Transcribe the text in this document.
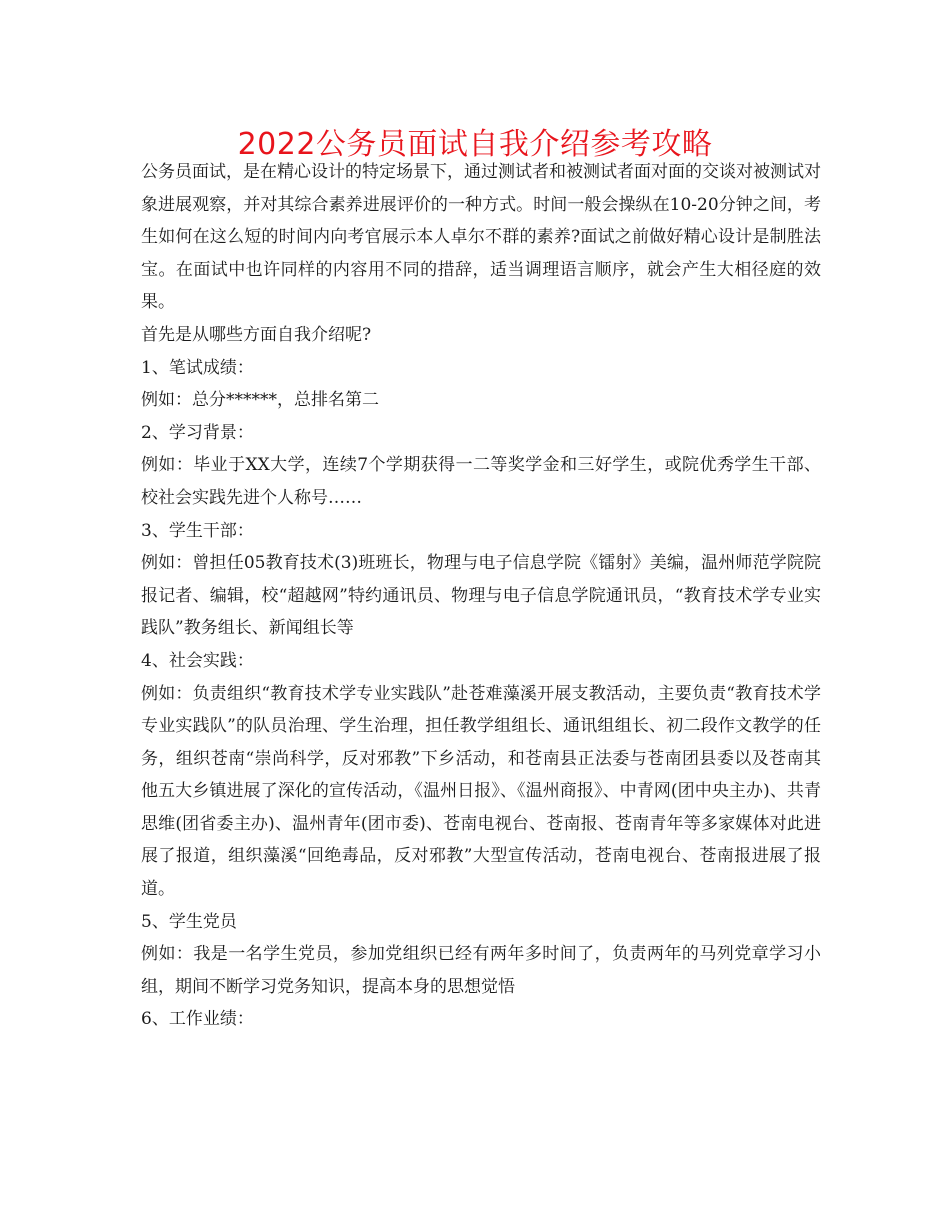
2022公务员面试自我介绍参考攻略

公务员面试，是在精心设计的特定场景下，通过测试者和被测试者面对面的交谈对被测试对象进展观察，并对其综合素养进展评价的一种方式。时间一般会操纵在10-20分钟之间，考生如何在这么短的时间内向考官展示本人卓尔不群的素养?面试之前做好精心设计是制胜法宝。在面试中也许同样的内容用不同的措辞，适当调理语言顺序，就会产生大相径庭的效果。

首先是从哪些方面自我介绍呢?

1、笔试成绩：

例如：总分******，总排名第二

2、学习背景：

例如：毕业于XX大学，连续7个学期获得一二等奖学金和三好学生，或院优秀学生干部、校社会实践先进个人称号……

3、学生干部：

例如：曾担任05教育技术(3)班班长，物理与电子信息学院《镭射》美编，温州师范学院院报记者、编辑，校“超越网”特约通讯员、物理与电子信息学院通讯员，“教育技术学专业实践队”教务组长、新闻组长等

4、社会实践：

例如：负责组织“教育技术学专业实践队”赴苍难藻溪开展支教活动，主要负责“教育技术学专业实践队”的队员治理、学生治理，担任教学组组长、通讯组组长、初二段作文教学的任务，组织苍南“崇尚科学，反对邪教”下乡活动，和苍南县正法委与苍南团县委以及苍南其他五大乡镇进展了深化的宣传活动，《温州日报》、《温州商报》、中青网(团中央主办)、共青思维(团省委主办)、温州青年(团市委)、苍南电视台、苍南报、苍南青年等多家媒体对此进展了报道，组织藻溪“回绝毒品，反对邪教”大型宣传活动，苍南电视台、苍南报进展了报道。

5、学生党员

例如：我是一名学生党员，参加党组织已经有两年多时间了，负责两年的马列党章学习小组，期间不断学习党务知识，提高本身的思想觉悟

6、工作业绩：
